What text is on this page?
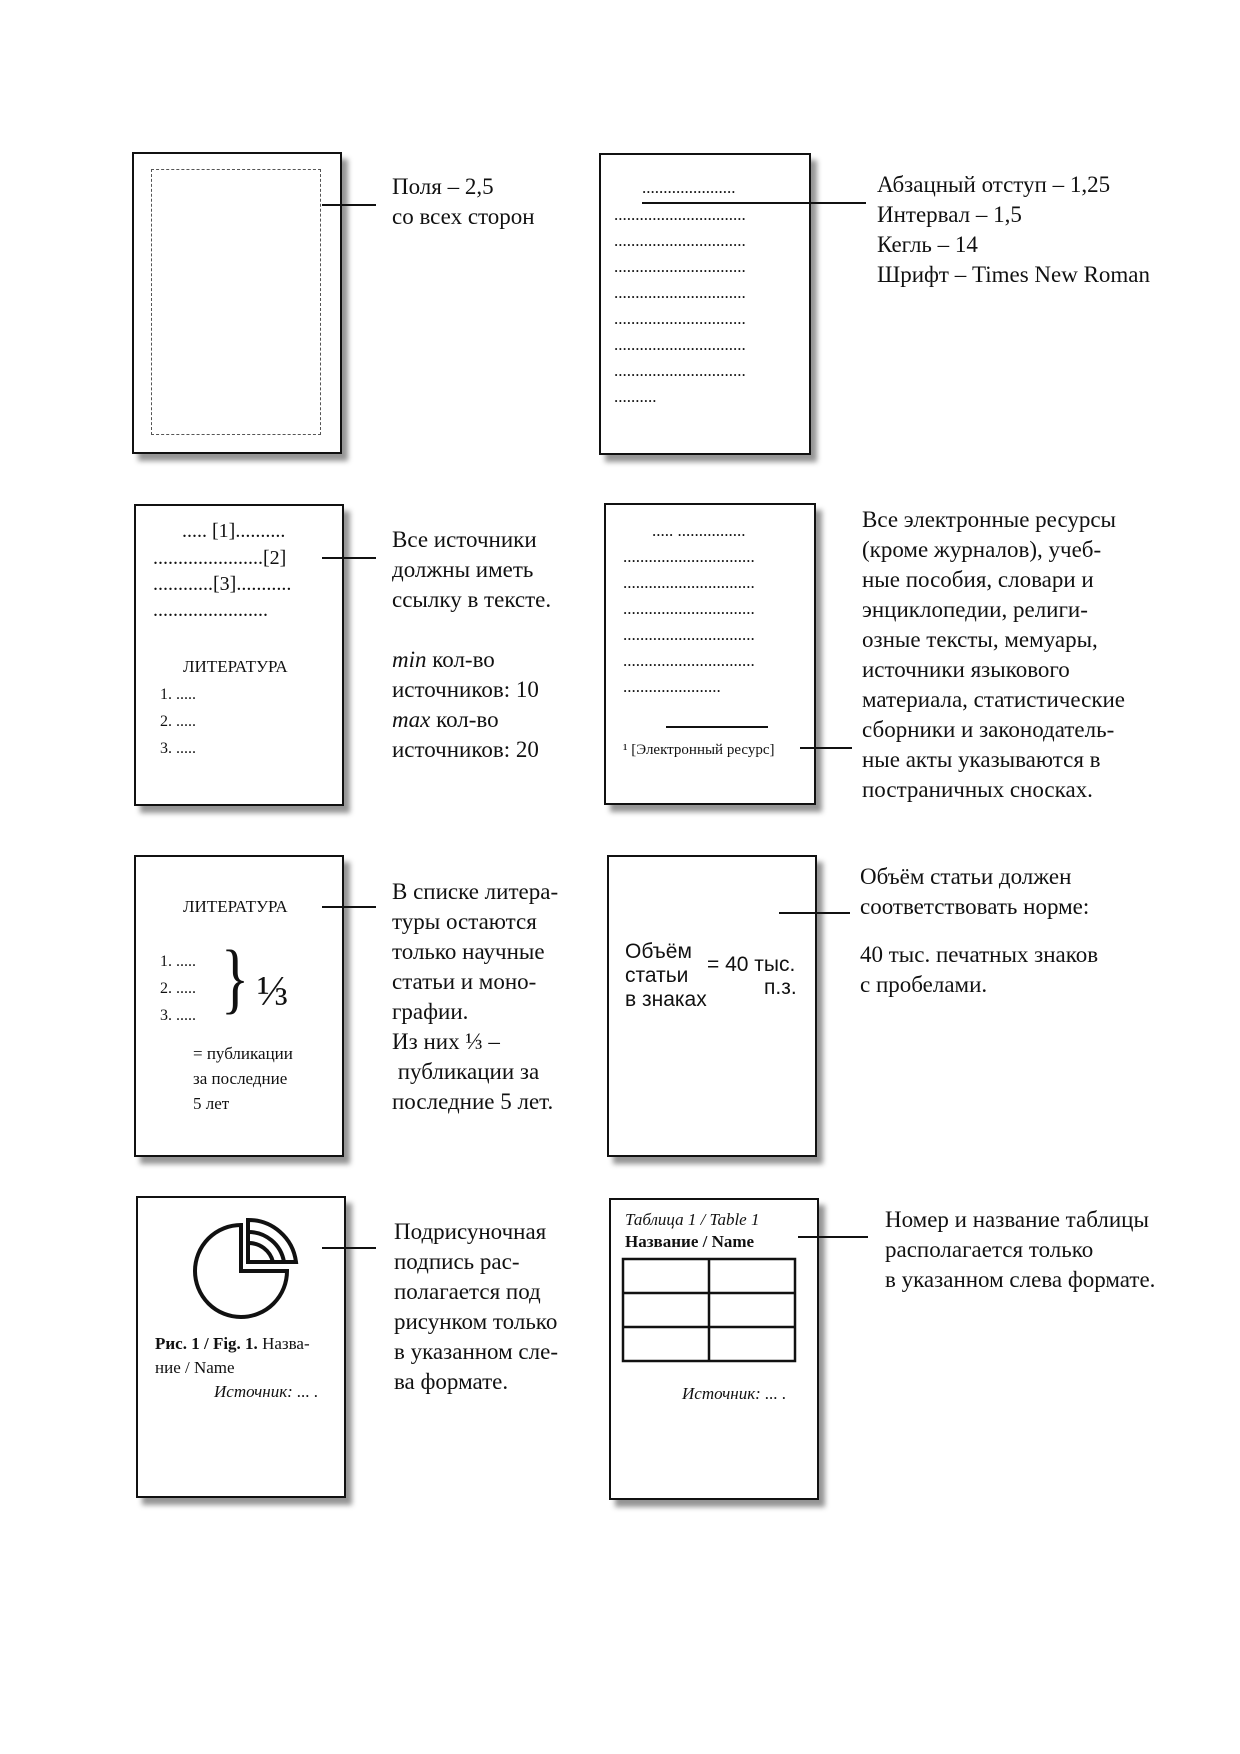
Поля – 2,5

со всех сторон

......................
...............................
...............................
...............................
...............................
...............................
...............................
...............................
..........

Абзацный отступ – 1,25

Интервал – 1,5

Кегль – 14

Шрифт – Times New Roman

..... [1]..........
......................[2]
............[3]...........
.......................
ЛИТЕРАТУРА
1. .....
2. .....
3. .....

Все источники

должны иметь

ссылку в тексте.

min кол-во

источников: 10

max кол-во

источников: 20

..... ................
...............................
...............................
...............................
...............................
...............................
.......................
¹ [Электронный ресурс]

Все электронные ресурсы

(кроме журналов), учеб-

ные пособия, словари и

энциклопедии, религи-

озные тексты, мемуары,

источники языкового

материала, статистические

сборники и законодатель-

ные акты указываются в

постраничных сносках.

ЛИТЕРАТУРА
1. .....
2. .....
3. ..... } ⅓
= публикации
за последние
5 лет

В списке литера-

туры остаются

только научные

статьи и моно-

графии.

Из них ⅓ –

публикации за

последние 5 лет.

Объём
статьи
в знаках
= 40 тыс.
п.з.

Объём статьи должен

соответствовать норме:

40 тыс. печатных знаков

с пробелами.

Рис. 1 / Fig. 1. Назва-
ние / Name
Источник: ... .

Подрисуночная

подпись рас-

полагается под

рисунком только

в указанном сле-

ва формате.

Таблица 1 / Table 1
Название / Name
Источник: ... .

Номер и название таблицы

располагается только

в указанном слева формате.
